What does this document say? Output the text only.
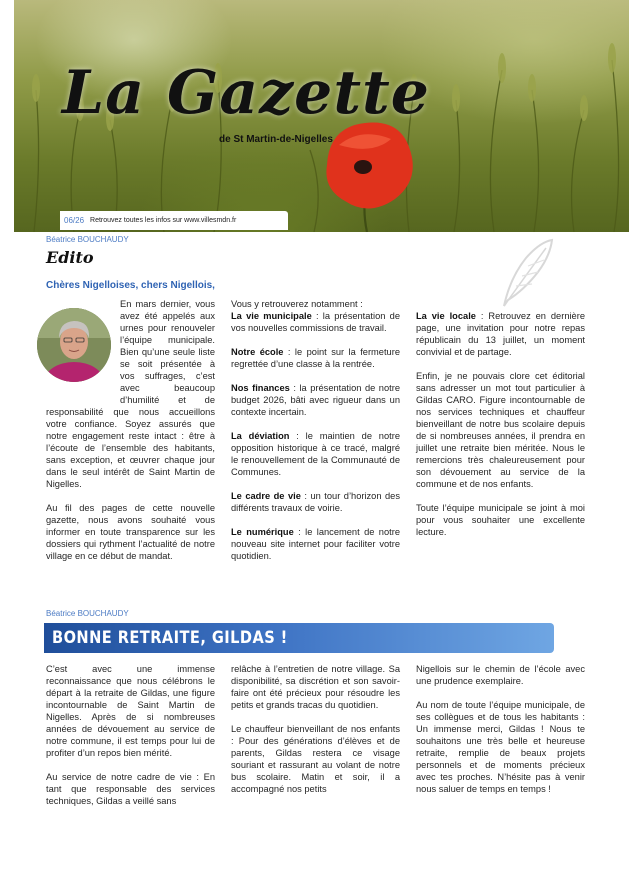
La Gazette
de St Martin-de-Nigelles
06/26 Retrouvez toutes les infos sur www.villesmdn.fr
Béatrice BOUCHAUDY
Edito

Chères Nigelloises, chers Nigellois,

En mars dernier, vous avez été appelés aux urnes pour renouveler l’équipe municipale. Bien qu’une seule liste se soit présentée à vos suffrages, c’est avec beaucoup d’humilité et de responsabilité que nous accueillons votre confiance. Soyez assurés que notre engagement reste intact : être à l’écoute de l’ensemble des habitants, sans exception, et œuvrer chaque jour dans le seul intérêt de Saint Martin de Nigelles.

Au fil des pages de cette nouvelle gazette, nous avons souhaité vous informer en toute transparence sur les dossiers qui rythment l’actualité de notre village en ce début de mandat.

Vous y retrouverez notamment :

La vie municipale : la présentation de vos nouvelles commissions de travail.

Notre école : le point sur la fermeture regrettée d’une classe à la rentrée.

Nos finances : la présentation de notre budget 2026, bâti avec rigueur dans un contexte incertain.

La déviation : le maintien de notre opposition historique à ce tracé, malgré le renouvellement de la Communauté de Communes.

Le cadre de vie : un tour d’horizon des différents travaux de voirie.

Le numérique : le lancement de notre nouveau site internet pour faciliter votre quotidien.

La vie locale : Retrouvez en dernière page, une invitation pour notre repas républicain du 13 juillet, un moment convivial et de partage.

Enfin, je ne pouvais clore cet éditorial sans adresser un mot tout particulier à Gildas CARO. Figure incontournable de nos services techniques et chauffeur bienveillant de notre bus scolaire depuis de si nombreuses années, il prendra en juillet une retraite bien méritée. Nous le remercions très chaleureusement pour son dévouement au service de la commune et de nos enfants.

Toute l’équipe municipale se joint à moi pour vous souhaiter une excellente lecture.

Béatrice BOUCHAUDY
BONNE RETRAITE, GILDAS !

C’est avec une immense reconnaissance que nous célébrons le départ à la retraite de Gildas, une figure incontournable de Saint Martin de Nigelles. Après de si nombreuses années de dévouement au service de notre commune, il est temps pour lui de profiter d’un repos bien mérité.

Au service de notre cadre de vie : En tant que responsable des services techniques, Gildas a veillé sans

relâche à l’entretien de notre village. Sa disponibilité, sa discrétion et son savoir-faire ont été précieux pour résoudre les petits et grands tracas du quotidien.

Le chauffeur bienveillant de nos enfants : Pour des générations d’élèves et de parents, Gildas restera ce visage souriant et rassurant au volant de notre bus scolaire. Matin et soir, il a accompagné nos petits

Nigellois sur le chemin de l’école avec une prudence exemplaire.

Au nom de toute l’équipe municipale, de ses collègues et de tous les habitants : Un immense merci, Gildas ! Nous te souhaitons une très belle et heureuse retraite, remplie de beaux projets personnels et de moments précieux avec tes proches. N’hésite pas à venir nous saluer de temps en temps !
